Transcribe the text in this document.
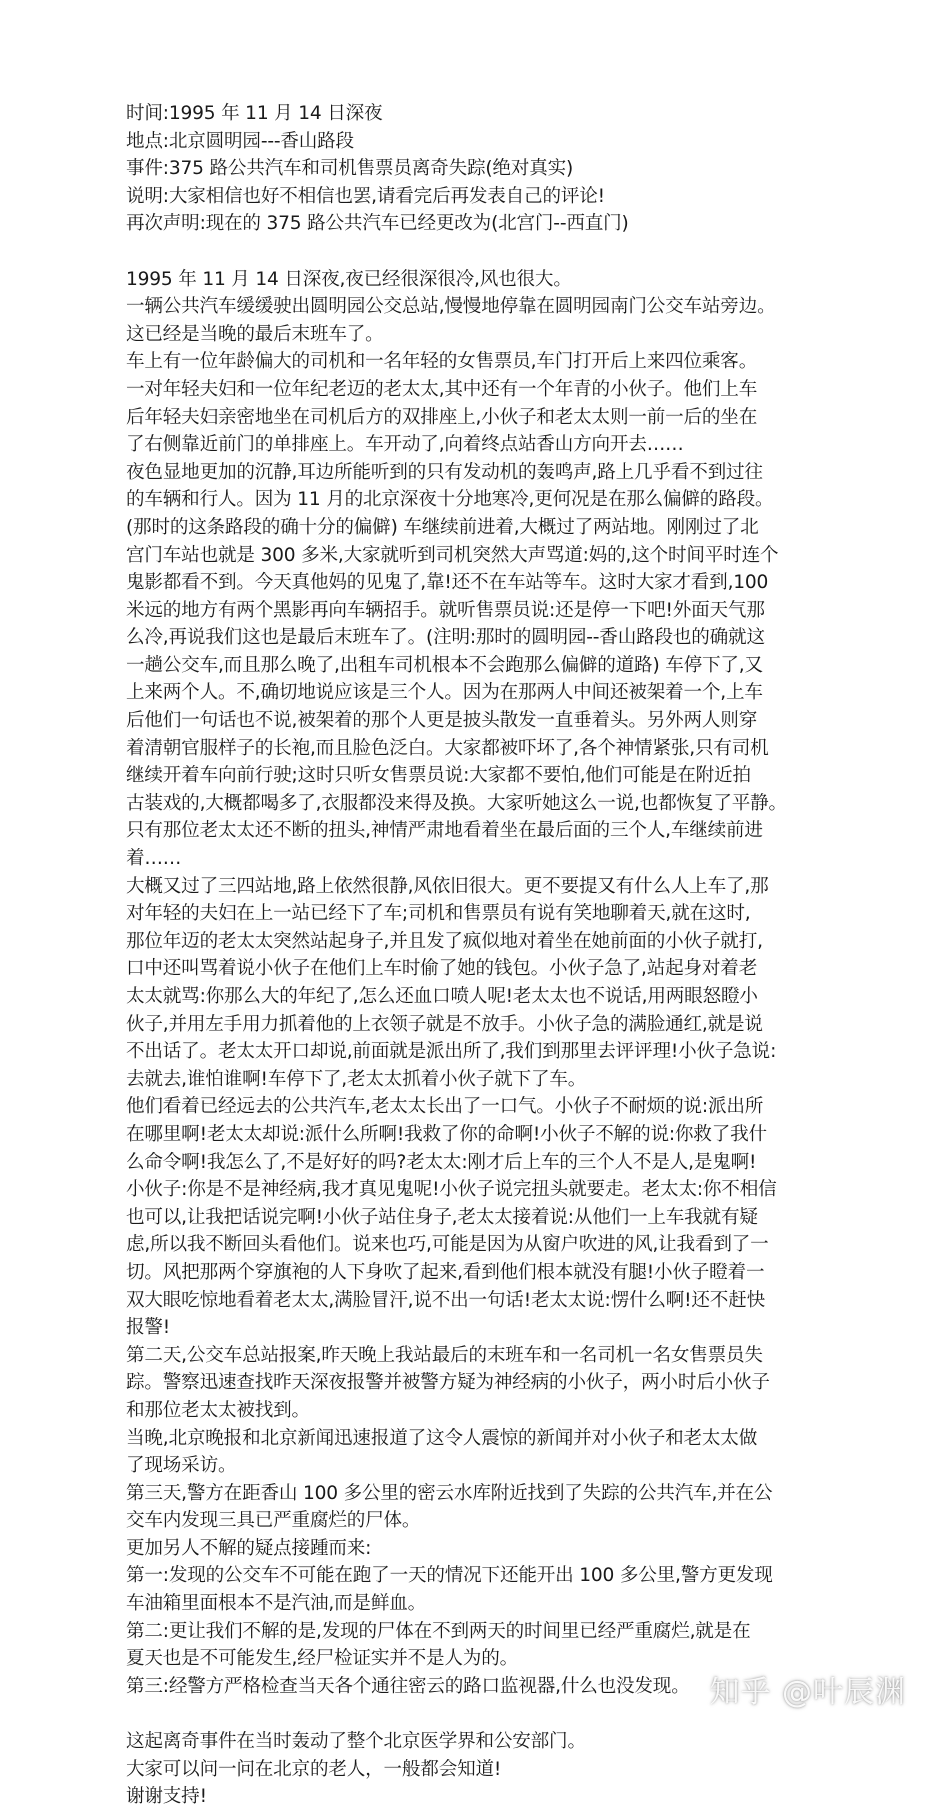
时间:1995 年 11 月 14 日深夜
地点:北京圆明园---香山路段
事件:375 路公共汽车和司机售票员离奇失踪(绝对真实)
说明:大家相信也好不相信也罢,请看完后再发表自己的评论!
再次声明:现在的 375 路公共汽车已经更改为(北宫门--西直门)
1995 年 11 月 14 日深夜,夜已经很深很冷,风也很大。
一辆公共汽车缓缓驶出圆明园公交总站,慢慢地停靠在圆明园南门公交车站旁边。
这已经是当晚的最后末班车了。
车上有一位年龄偏大的司机和一名年轻的女售票员,车门打开后上来四位乘客。
一对年轻夫妇和一位年纪老迈的老太太,其中还有一个年青的小伙子。他们上车
后年轻夫妇亲密地坐在司机后方的双排座上,小伙子和老太太则一前一后的坐在
了右侧靠近前门的单排座上。车开动了,向着终点站香山方向开去……
夜色显地更加的沉静,耳边所能听到的只有发动机的轰鸣声,路上几乎看不到过往
的车辆和行人。因为 11 月的北京深夜十分地寒冷,更何况是在那么偏僻的路段。
(那时的这条路段的确十分的偏僻) 车继续前进着,大概过了两站地。刚刚过了北
宫门车站也就是 300 多米,大家就听到司机突然大声骂道:妈的,这个时间平时连个
鬼影都看不到。今天真他妈的见鬼了,靠!还不在车站等车。这时大家才看到,100
米远的地方有两个黑影再向车辆招手。就听售票员说:还是停一下吧!外面天气那
么冷,再说我们这也是最后末班车了。(注明:那时的圆明园--香山路段也的确就这
一趟公交车,而且那么晚了,出租车司机根本不会跑那么偏僻的道路) 车停下了,又
上来两个人。不,确切地说应该是三个人。因为在那两人中间还被架着一个,上车
后他们一句话也不说,被架着的那个人更是披头散发一直垂着头。另外两人则穿
着清朝官服样子的长袍,而且脸色泛白。大家都被吓坏了,各个神情紧张,只有司机
继续开着车向前行驶;这时只听女售票员说:大家都不要怕,他们可能是在附近拍
古装戏的,大概都喝多了,衣服都没来得及换。大家听她这么一说,也都恢复了平静。
只有那位老太太还不断的扭头,神情严肃地看着坐在最后面的三个人,车继续前进
着……
大概又过了三四站地,路上依然很静,风依旧很大。更不要提又有什么人上车了,那
对年轻的夫妇在上一站已经下了车;司机和售票员有说有笑地聊着天,就在这时,
那位年迈的老太太突然站起身子,并且发了疯似地对着坐在她前面的小伙子就打,
口中还叫骂着说小伙子在他们上车时偷了她的钱包。小伙子急了,站起身对着老
太太就骂:你那么大的年纪了,怎么还血口喷人呢!老太太也不说话,用两眼怒瞪小
伙子,并用左手用力抓着他的上衣领子就是不放手。小伙子急的满脸通红,就是说
不出话了。老太太开口却说,前面就是派出所了,我们到那里去评评理!小伙子急说:
去就去,谁怕谁啊!车停下了,老太太抓着小伙子就下了车。
他们看着已经远去的公共汽车,老太太长出了一口气。小伙子不耐烦的说:派出所
在哪里啊!老太太却说:派什么所啊!我救了你的命啊!小伙子不解的说:你救了我什
么命令啊!我怎么了,不是好好的吗?老太太:刚才后上车的三个人不是人,是鬼啊!
小伙子:你是不是神经病,我才真见鬼呢!小伙子说完扭头就要走。老太太:你不相信
也可以,让我把话说完啊!小伙子站住身子,老太太接着说:从他们一上车我就有疑
虑,所以我不断回头看他们。说来也巧,可能是因为从窗户吹进的风,让我看到了一
切。风把那两个穿旗袍的人下身吹了起来,看到他们根本就没有腿!小伙子瞪着一
双大眼吃惊地看着老太太,满脸冒汗,说不出一句话!老太太说:愣什么啊!还不赶快
报警!
第二天,公交车总站报案,昨天晚上我站最后的末班车和一名司机一名女售票员失
踪。警察迅速查找昨天深夜报警并被警方疑为神经病的小伙子，两小时后小伙子
和那位老太太被找到。
当晚,北京晚报和北京新闻迅速报道了这令人震惊的新闻并对小伙子和老太太做
了现场采访。
第三天,警方在距香山 100 多公里的密云水库附近找到了失踪的公共汽车,并在公
交车内发现三具已严重腐烂的尸体。
更加另人不解的疑点接踵而来:
第一:发现的公交车不可能在跑了一天的情况下还能开出 100 多公里,警方更发现
车油箱里面根本不是汽油,而是鲜血。
第二:更让我们不解的是,发现的尸体在不到两天的时间里已经严重腐烂,就是在
夏天也是不可能发生,经尸检证实并不是人为的。
第三:经警方严格检查当天各个通往密云的路口监视器,什么也没发现。
这起离奇事件在当时轰动了整个北京医学界和公安部门。
大家可以问一问在北京的老人，一般都会知道!
谢谢支持!
知乎 @叶辰渊
